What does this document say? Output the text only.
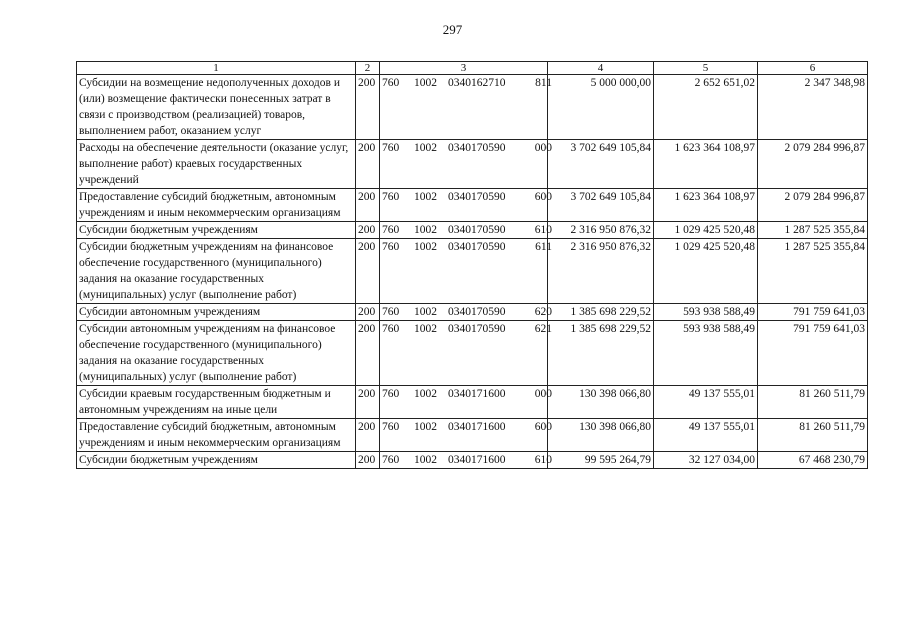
297
1	2	3	4	5	6
Субсидии на возмещение недополученных доходов и (или) возмещение фактически понесенных затрат в связи с производством (реализацией) товаров, выполнением работ, оказанием услуг	200	760 1002 0340162710 811	5 000 000,00	2 652 651,02	2 347 348,98
Расходы на обеспечение деятельности (оказание услуг, выполнение работ) краевых государственных учреждений	200	760 1002 0340170590 000	3 702 649 105,84	1 623 364 108,97	2 079 284 996,87
Предоставление субсидий бюджетным, автономным учреждениям и иным некоммерческим организациям	200	760 1002 0340170590 600	3 702 649 105,84	1 623 364 108,97	2 079 284 996,87
Субсидии бюджетным учреждениям	200	760 1002 0340170590 610	2 316 950 876,32	1 029 425 520,48	1 287 525 355,84
Субсидии бюджетным учреждениям на финансовое обеспечение государственного (муниципального) задания на оказание государственных (муниципальных) услуг (выполнение работ)	200	760 1002 0340170590 611	2 316 950 876,32	1 029 425 520,48	1 287 525 355,84
Субсидии автономным учреждениям	200	760 1002 0340170590 620	1 385 698 229,52	593 938 588,49	791 759 641,03
Субсидии автономным учреждениям на финансовое обеспечение государственного (муниципального) задания на оказание государственных (муниципальных) услуг (выполнение работ)	200	760 1002 0340170590 621	1 385 698 229,52	593 938 588,49	791 759 641,03
Субсидии краевым государственным бюджетным и автономным учреждениям на иные цели	200	760 1002 0340171600 000	130 398 066,80	49 137 555,01	81 260 511,79
Предоставление субсидий бюджетным, автономным учреждениям и иным некоммерческим организациям	200	760 1002 0340171600 600	130 398 066,80	49 137 555,01	81 260 511,79
Субсидии бюджетным учреждениям	200	760 1002 0340171600 610	99 595 264,79	32 127 034,00	67 468 230,79
